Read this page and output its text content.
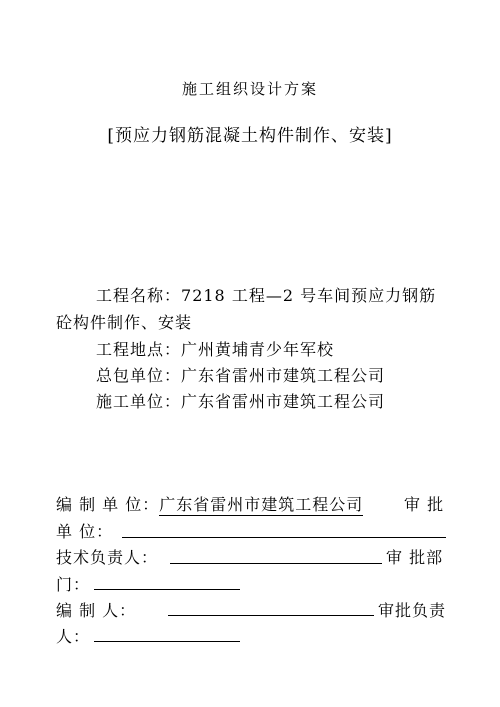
施工组织设计方案
[预应力钢筋混凝土构件制作、安装]
工程名称：7218 工程—2 号车间预应力钢筋
砼构件制作、安装
工程地点：广州黄埔青少年军校
总包单位：广东省雷州市建筑工程公司
施工单位：广东省雷州市建筑工程公司
编 制 单 位：广东省雷州市建筑工程公司	审 批
单 位：
技术负责人：	审 批部
门：
编 制 人：	审批负责
人：
